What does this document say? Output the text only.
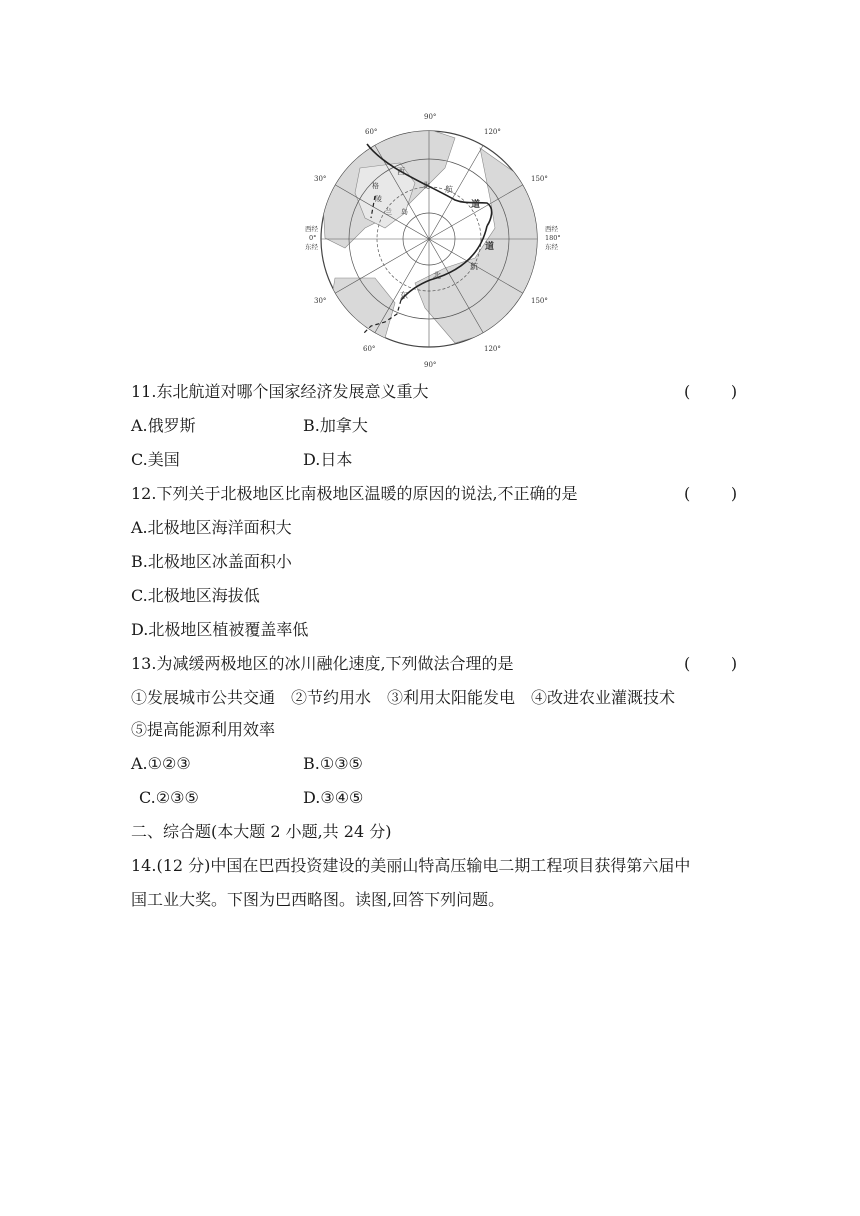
90°
90°
60°
30°
30°
60°
120°
150°
150°
120°
西经
0°
东经
西经
180°
东经
西
北 航
道
东
北
航
道
格
陵
兰 岛
11.东北航道对哪个国家经济发展意义重大	(        )
A.俄罗斯	B.加拿大
C.美国	D.日本
12.下列关于北极地区比南极地区温暖的原因的说法,不正确的是	(        )
A.北极地区海洋面积大
B.北极地区冰盖面积小
C.北极地区海拔低
D.北极地区植被覆盖率低
13.为减缓两极地区的冰川融化速度,下列做法合理的是	(        )
①发展城市公共交通　②节约用水　③利用太阳能发电　④改进农业灌溉技术
⑤提高能源利用效率
A.①②③	B.①③⑤
C.②③⑤	D.③④⑤
二、综合题(本大题 2 小题,共 24 分)
14.(12 分)中国在巴西投资建设的美丽山特高压输电二期工程项目获得第六届中
国工业大奖。下图为巴西略图。读图,回答下列问题。
